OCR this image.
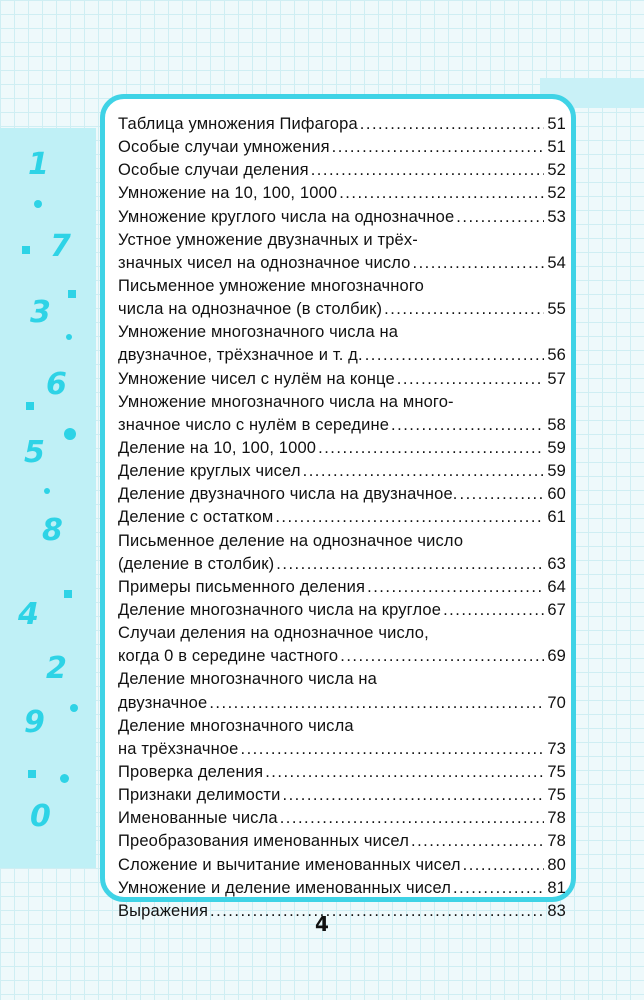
1
7
3
6
5
8
4
2
9
0
Таблица умножения Пифагора .....	51
Особые случаи умножения .....	51
Особые случаи деления .....	52
Умножение на 10, 100, 1000 .....	52
Умножение круглого числа на однозначное .....	53
Устное умножение двузначных и трёх-
значных чисел на однозначное число .....	54
Письменное умножение многозначного
числа на однозначное (в столбик) .....	55
Умножение многозначного числа на
двузначное, трёхзначное и т. д. .....	56
Умножение чисел с нулём на конце .....	57
Умножение многозначного числа на много-
значное число с нулём в середине .....	58
Деление на 10, 100, 1000 .....	59
Деление круглых чисел .....	59
Деление двузначного числа на двузначное. .....	60
Деление с остатком .....	61
Письменное деление на однозначное число
(деление в столбик) .....	63
Примеры письменного деления .....	64
Деление многозначного числа на круглое .....	67
Случаи деления на однозначное число,
когда 0 в середине частного .....	69
Деление многозначного числа на
двузначное .....	70
Деление многозначного числа
на трёхзначное .....	73
Проверка деления .....	75
Признаки делимости .....	75
Именованные числа .....	78
Преобразования именованных чисел .....	78
Сложение и вычитание именованных чисел .....	80
Умножение и деление именованных чисел .....	81
Выражения .....	83
4
